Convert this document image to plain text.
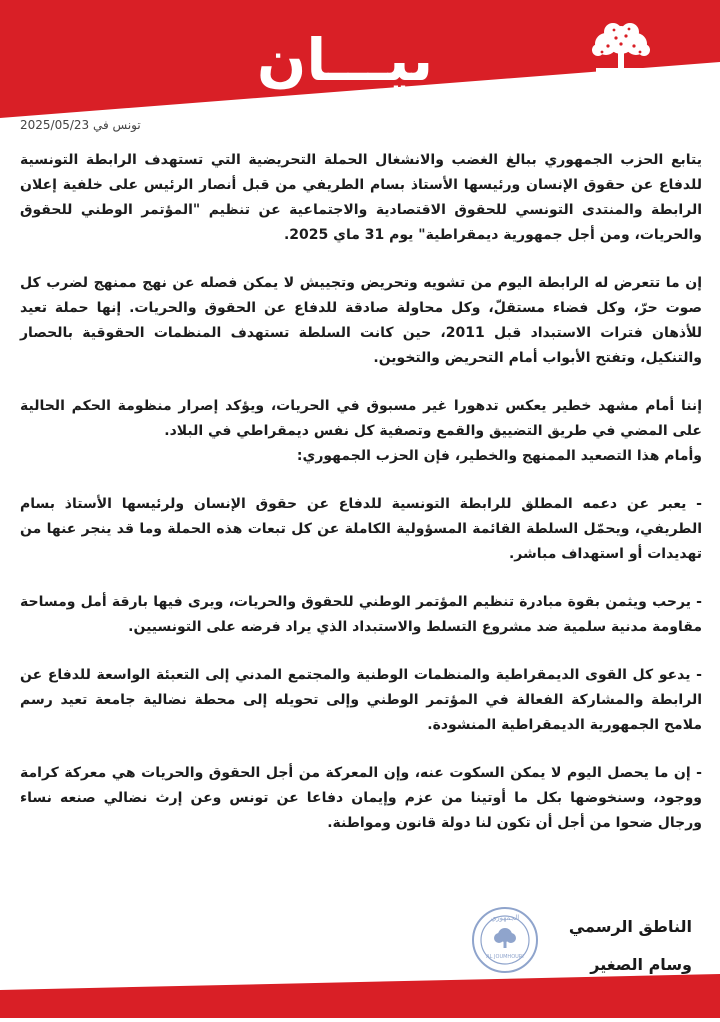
بيـــان	الجمهوري
تونس في 2025/05/23

يتابع الحزب الجمهوري ببالغ الغضب والانشغال الحملة التحريضية التي تستهدف الرابطة التونسية للدفاع عن حقوق الإنسان ورئيسها الأستاذ بسام الطريفي من قبل أنصار الرئيس على خلفية إعلان الرابطة والمنتدى التونسي للحقوق الاقتصادية والاجتماعية عن تنظيم "المؤتمر الوطني للحقوق والحريات، ومن أجل جمهورية ديمقراطية" يوم 31 ماي 2025.

إن ما تتعرض له الرابطة اليوم من تشويه وتحريض وتجييش لا يمكن فصله عن نهج ممنهج لضرب كل صوت حرّ، وكل فضاء مستقلّ، وكل محاولة صادقة للدفاع عن الحقوق والحريات. إنها حملة تعيد للأذهان فترات الاستبداد قبل 2011، حين كانت السلطة تستهدف المنظمات الحقوقية بالحصار والتنكيل، وتفتح الأبواب أمام التحريض والتخوين.

إننا أمام مشهد خطير يعكس تدهورا غير مسبوق في الحريات، ويؤكد إصرار منظومة الحكم الحالية على المضي في طريق التضييق والقمع وتصفية كل نفس ديمقراطي في البلاد.

وأمام هذا التصعيد الممنهج والخطير، فإن الحزب الجمهوري:

- يعبر عن دعمه المطلق للرابطة التونسية للدفاع عن حقوق الإنسان ولرئيسها الأستاذ بسام الطريفي، ويحمّل السلطة القائمة المسؤولية الكاملة عن كل تبعات هذه الحملة وما قد ينجر عنها من تهديدات أو استهداف مباشر.

- يرحب ويثمن بقوة مبادرة تنظيم المؤتمر الوطني للحقوق والحريات، ويرى فيها بارقة أمل ومساحة مقاومة مدنية سلمية ضد مشروع التسلط والاستبداد الذي يراد فرضه على التونسيين.

- يدعو كل القوى الديمقراطية والمنظمات الوطنية والمجتمع المدني إلى التعبئة الواسعة للدفاع عن الرابطة والمشاركة الفعالة في المؤتمر الوطني وإلى تحويله إلى محطة نضالية جامعة تعيد رسم ملامح الجمهورية الديمقراطية المنشودة.

- إن ما يحصل اليوم لا يمكن السكوت عنه، وإن المعركة من أجل الحقوق والحريات هي معركة كرامة ووجود، وسنخوضها بكل ما أوتينا من عزم وإيمان دفاعا عن تونس وعن إرث نضالي صنعه نساء ورجال ضحوا من أجل أن تكون لنا دولة قانون ومواطنة.

الجمهوري
AL JOUMHOURI
الناطق الرسمي
وسام الصغير
